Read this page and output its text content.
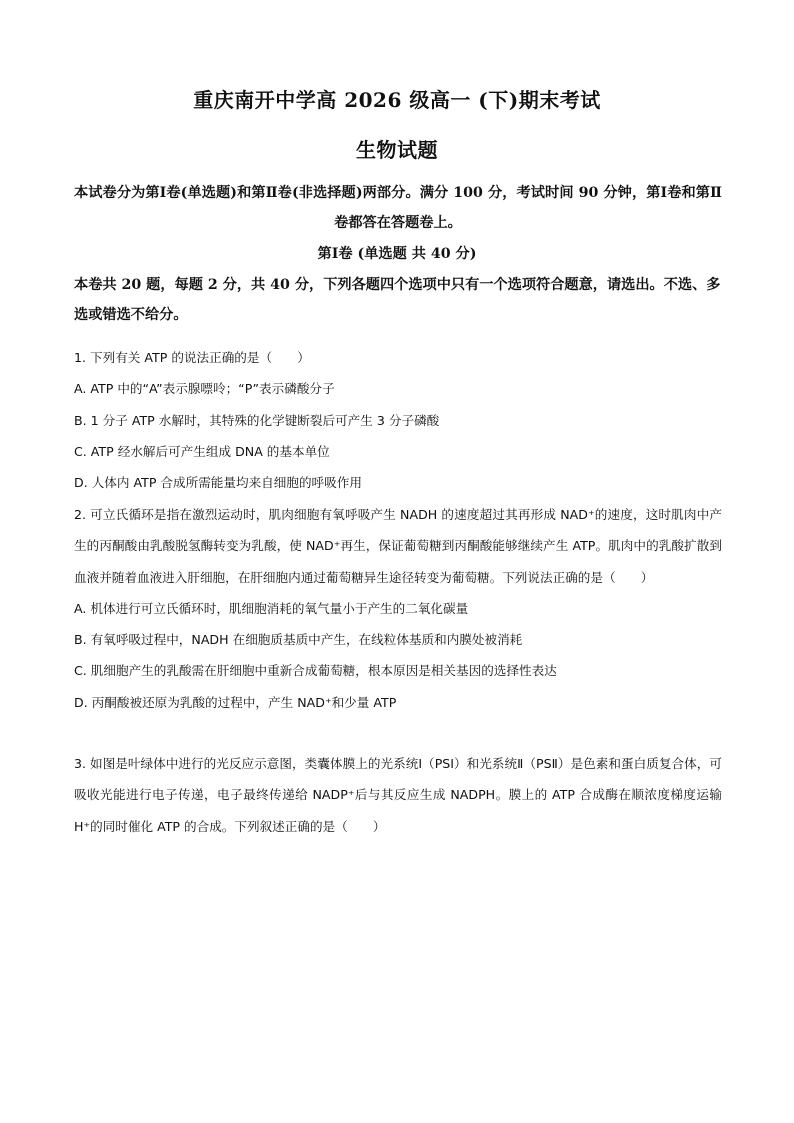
重庆南开中学高 2026 级高一 (下)期末考试
生物试题
本试卷分为第Ⅰ卷(单选题)和第Ⅱ卷(非选择题)两部分。满分 100 分，考试时间 90 分钟，第Ⅰ卷和第Ⅱ卷都答在答题卷上。
第Ⅰ卷 (单选题 共 40 分)
本卷共 20 题，每题 2 分，共 40 分，下列各题四个选项中只有一个选项符合题意，请选出。不选、多选或错选不给分。

1. 下列有关 ATP 的说法正确的是（　　）

A. ATP 中的“A”表示腺嘌呤；“P”表示磷酸分子

B. 1 分子 ATP 水解时，其特殊的化学键断裂后可产生 3 分子磷酸

C. ATP 经水解后可产生组成 DNA 的基本单位

D. 人体内 ATP 合成所需能量均来自细胞的呼吸作用

2. 可立氏循环是指在激烈运动时，肌肉细胞有氧呼吸产生 NADH 的速度超过其再形成 NAD⁺的速度，这时肌肉中产生的丙酮酸由乳酸脱氢酶转变为乳酸，使 NAD⁺再生，保证葡萄糖到丙酮酸能够继续产生 ATP。肌肉中的乳酸扩散到血液并随着血液进入肝细胞，在肝细胞内通过葡萄糖异生途径转变为葡萄糖。下列说法正确的是（　　）

A. 机体进行可立氏循环时，肌细胞消耗的氧气量小于产生的二氧化碳量

B. 有氧呼吸过程中，NADH 在细胞质基质中产生，在线粒体基质和内膜处被消耗

C. 肌细胞产生的乳酸需在肝细胞中重新合成葡萄糖，根本原因是相关基因的选择性表达

D. 丙酮酸被还原为乳酸的过程中，产生 NAD⁺和少量 ATP

3. 如图是叶绿体中进行的光反应示意图，类囊体膜上的光系统Ⅰ（PSⅠ）和光系统Ⅱ（PSⅡ）是色素和蛋白质复合体，可吸收光能进行电子传递，电子最终传递给 NADP⁺后与其反应生成 NADPH。膜上的 ATP 合成酶在顺浓度梯度运输 H⁺的同时催化 ATP 的合成。下列叙述正确的是（　　）
